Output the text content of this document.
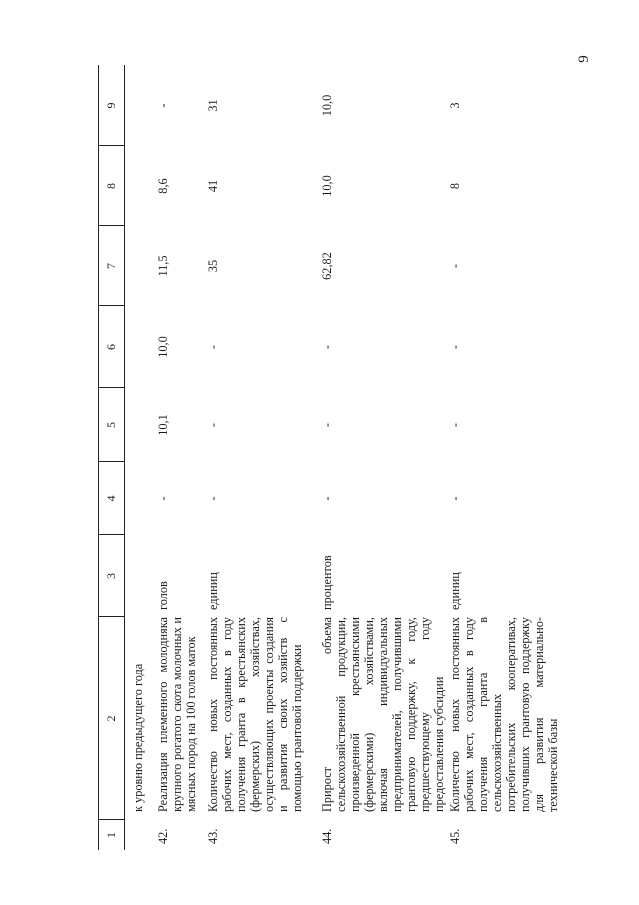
9
1
2
3
4
5
6
7
8
9
к уровню предыдущего года
42.
Реализация племенного молодняка крупного рогатого скота молочных и мясных пород на 100 голов маток
голов
-
10,1
10,0
11,5
8,6
-
43.
Количество новых постоянных рабочих мест, созданных в году получения гранта в крестьянских (фермерских) хозяйствах, осуществляющих проекты создания и развития своих хозяйств с помощью грантовой поддержки
единиц
-
-
-
35
41
31
44.
Прирост объема сельскохозяйственной продукции, произведенной крестьянскими (фермерскими) хозяйствами, включая индивидуальных предпринимателей, получившими грантовую поддержку, к году, предшествующему году предоставления субсидии
процентов
-
-
-
62,82
10,0
10,0
45.
Количество новых постоянных рабочих мест, созданных в году получения гранта в сельскохозяйственных потребительских кооперативах, получивших грантовую поддержку для развития материально-технической базы
единиц
-
-
-
-
8
3
